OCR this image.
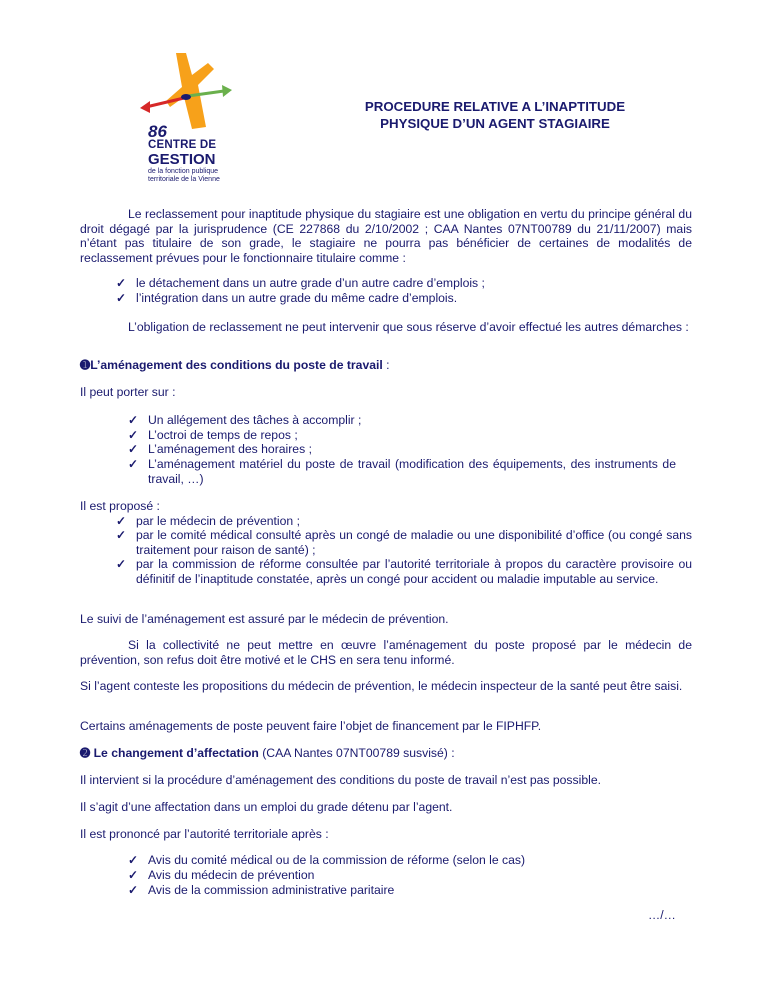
86
CENTRE DE
GESTION
de la fonction publique
territoriale de la Vienne
PROCEDURE RELATIVE A L’INAPTITUDE
PHYSIQUE D’UN AGENT STAGIAIRE
Le reclassement pour inaptitude physique du stagiaire est une obligation en vertu du principe général du droit dégagé par la jurisprudence (CE 227868 du 2/10/2002 ; CAA Nantes 07NT00789 du 21/11/2007) mais n’étant pas titulaire de son grade, le stagiaire ne pourra pas bénéficier de certaines de modalités de reclassement prévues pour le fonctionnaire titulaire comme :
✓ le détachement dans un autre grade d’un autre cadre d’emplois ;
✓ l’intégration dans un autre grade du même cadre d’emplois.
L’obligation de reclassement ne peut intervenir que sous réserve d’avoir effectué les autres démarches :
➊L’aménagement des conditions du poste de travail :
Il peut porter sur :
✓ Un allégement des tâches à accomplir ;
✓ L’octroi de temps de repos ;
✓ L’aménagement des horaires ;
✓ L’aménagement matériel du poste de travail (modification des équipements, des instruments de travail, …)
Il est proposé :
✓ par le médecin de prévention ;
✓ par le comité médical consulté après un congé de maladie ou une disponibilité d’office (ou congé sans traitement pour raison de santé) ;
✓ par la commission de réforme consultée par l’autorité territoriale à propos du caractère provisoire ou définitif de l’inaptitude constatée, après un congé pour accident ou maladie imputable au service.
Le suivi de l’aménagement est assuré par le médecin de prévention.
Si la collectivité ne peut mettre en œuvre l’aménagement du poste proposé par le médecin de prévention, son refus doit être motivé et le CHS en sera tenu informé.
Si l’agent conteste les propositions du médecin de prévention, le médecin inspecteur de la santé peut être saisi.
Certains aménagements de poste peuvent faire l’objet de financement par le FIPHFP.
➋ Le changement d’affectation (CAA Nantes 07NT00789 susvisé) :
Il intervient si la procédure d’aménagement des conditions du poste de travail n’est pas possible.
Il s’agit d’une affectation dans un emploi du grade détenu par l’agent.
Il est prononcé par l’autorité territoriale après :
✓ Avis du comité médical ou de la commission de réforme (selon le cas)
✓ Avis du médecin de prévention
✓ Avis de la commission administrative paritaire
…/…
